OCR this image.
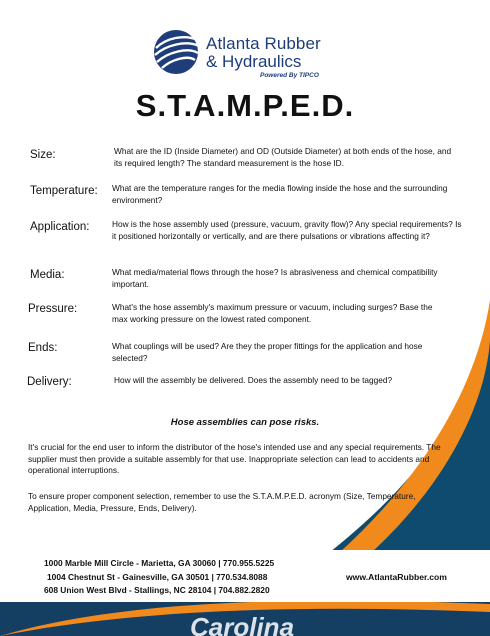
Atlanta Rubber
& Hydraulics
Powered By TIPCO
S.T.A.M.P.E.D.
Size:	What are the ID (Inside Diameter) and OD (Outside Diameter) at both ends of the hose, and its required length? The standard measurement is the hose ID.
Temperature: What are the temperature ranges for the media flowing inside the hose and the surrounding environment?
Application:	How is the hose assembly used (pressure, vacuum, gravity flow)? Any special requirements? Is it positioned horizontally or vertically, and are there pulsations or vibrations affecting it?
Media:	What media/material flows through the hose? Is abrasiveness and chemical compatibility important.
Pressure:	What's the hose assembly's maximum pressure or vacuum, including surges? Base the max working pressure on the lowest rated component.
Ends:	What couplings will be used? Are they the proper fittings for the application and hose selected?
Delivery:	How will the assembly be delivered. Does the assembly need to be tagged?
Hose assemblies can pose risks.
It's crucial for the end user to inform the distributor of the hose's intended use and any special requirements. The supplier must then provide a suitable assembly for that use. Inappropriate selection can lead to accidents and operational interruptions.
To ensure proper component selection, remember to use the S.T.A.M.P.E.D. acronym (Size, Temperature, Application, Media, Pressure, Ends, Delivery).
1000 Marble Mill Circle - Marietta, GA 30060 | 770.955.5225
1004 Chestnut St - Gainesville, GA 30501 | 770.534.8088
608 Union West Blvd - Stallings, NC 28104 | 704.882.2820
www.AtlantaRubber.com
Carolina
